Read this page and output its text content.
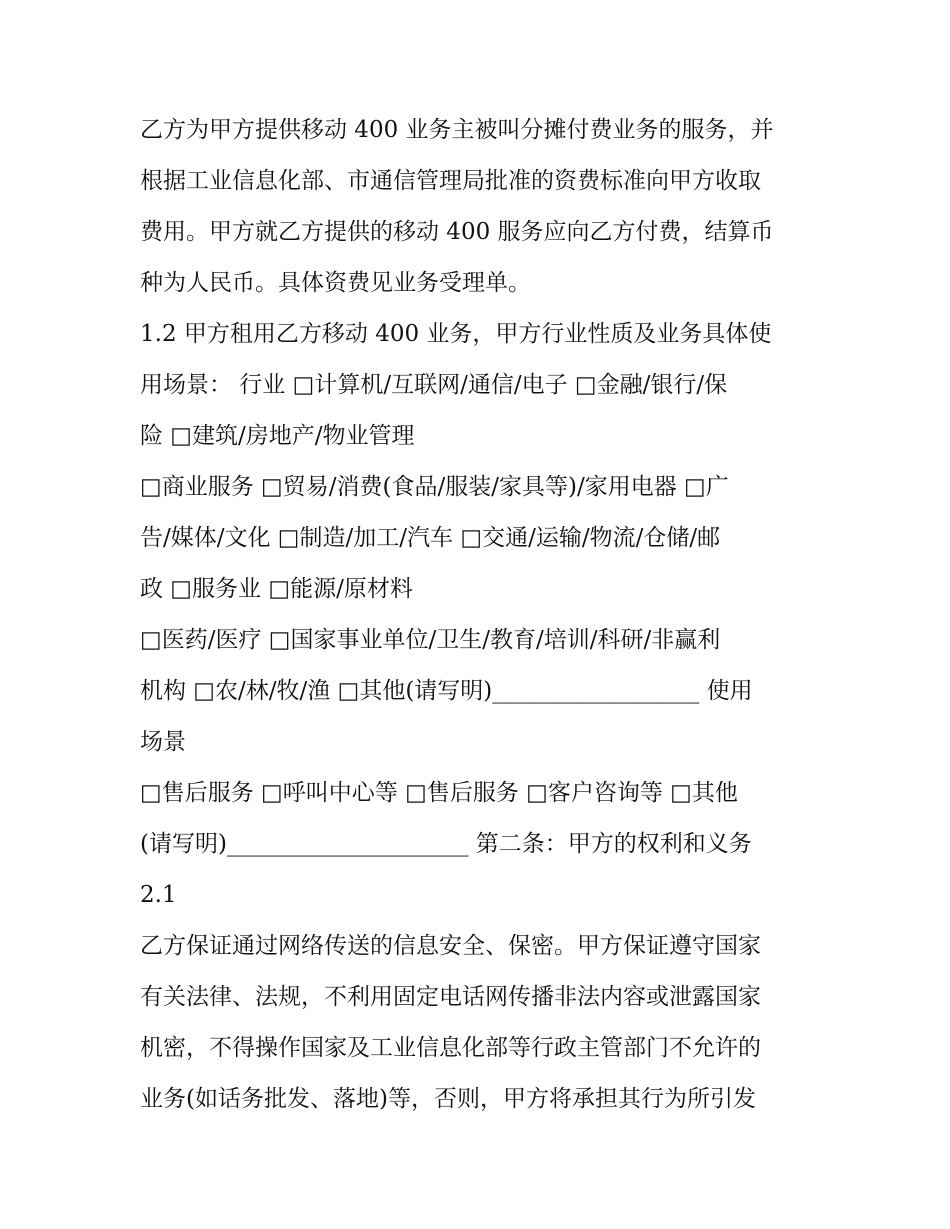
乙方为甲方提供移动 400 业务主被叫分摊付费业务的服务，并
根据工业信息化部、市通信管理局批准的资费标准向甲方收取
费用。甲方就乙方提供的移动 400 服务应向乙方付费，结算币
种为人民币。具体资费见业务受理单。
1.2 甲方租用乙方移动 400 业务，甲方行业性质及业务具体使
用场景： 行业 □计算机/互联网/通信/电子 □金融/银行/保
险 □建筑/房地产/物业管理
□商业服务 □贸易/消费(食品/服装/家具等)/家用电器 □广
告/媒体/文化 □制造/加工/汽车 □交通/运输/物流/仓储/邮
政 □服务业 □能源/原材料
□医药/医疗 □国家事业单位/卫生/教育/培训/科研/非赢利
机构 □农/林/牧/渔 □其他(请写明)__________________ 使用
场景
□售后服务 □呼叫中心等 □售后服务 □客户咨询等 □其他
(请写明)_____________________ 第二条：甲方的权利和义务
2.1
乙方保证通过网络传送的信息安全、保密。甲方保证遵守国家
有关法律、法规，不利用固定电话网传播非法内容或泄露国家
机密，不得操作国家及工业信息化部等行政主管部门不允许的
业务(如话务批发、落地)等，否则，甲方将承担其行为所引发
